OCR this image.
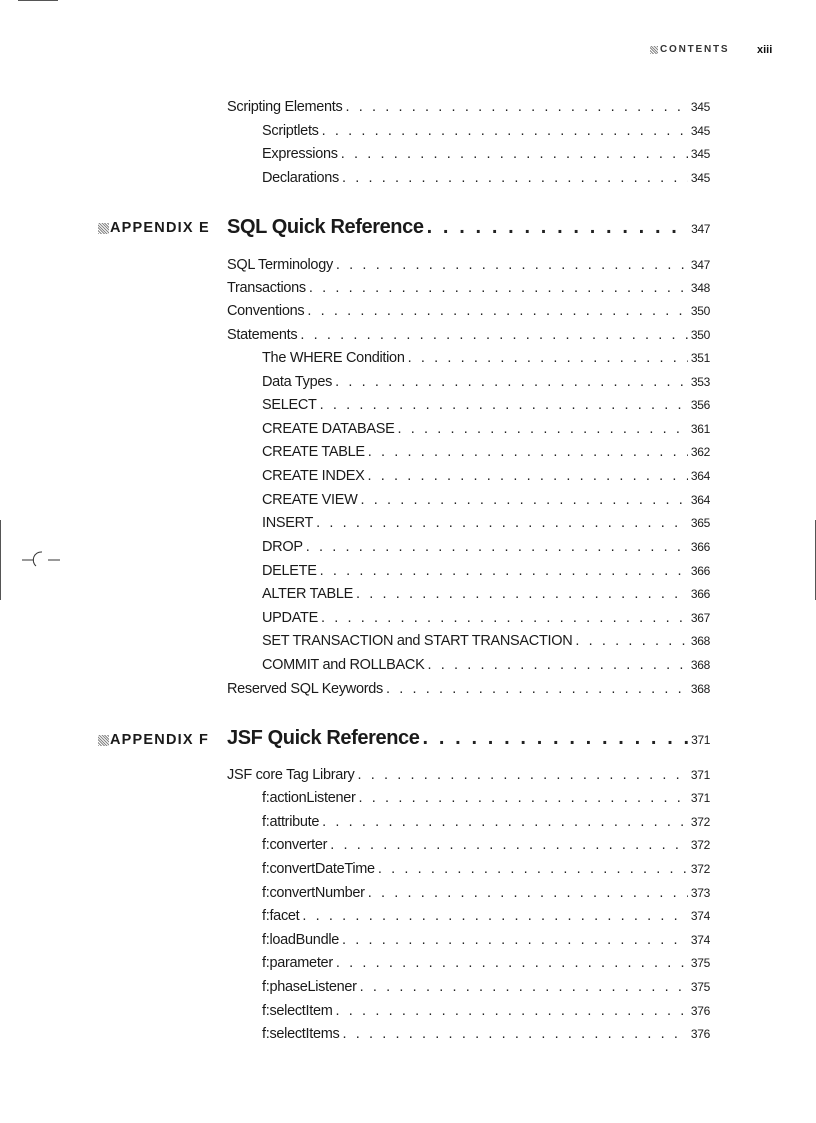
CONTENTS	xiii
Scripting Elements . . .	345
Scriptlets . . .	345
Expressions . . .	345
Declarations . . .	345
APPENDIX E SQL Quick Reference . . .	347
SQL Terminology . . .	347
Transactions . . .	348
Conventions . . .	350
Statements . . .	350
The WHERE Condition . . .	351
Data Types . . .	353
SELECT . . .	356
CREATE DATABASE . . .	361
CREATE TABLE . . .	362
CREATE INDEX . . .	364
CREATE VIEW . . .	364
INSERT . . .	365
DROP . . .	366
DELETE . . .	366
ALTER TABLE . . .	366
UPDATE . . .	367
SET TRANSACTION and START TRANSACTION . . .	368
COMMIT and ROLLBACK . . .	368
Reserved SQL Keywords . . .	368
APPENDIX F JSF Quick Reference . . .	371
JSF core Tag Library . . .	371
f:actionListener . . .	371
f:attribute . . .	372
f:converter . . .	372
f:convertDateTime . . .	372
f:convertNumber . . .	373
f:facet . . .	374
f:loadBundle . . .	374
f:parameter . . .	375
f:phaseListener . . .	375
f:selectItem . . .	376
f:selectItems . . .	376
